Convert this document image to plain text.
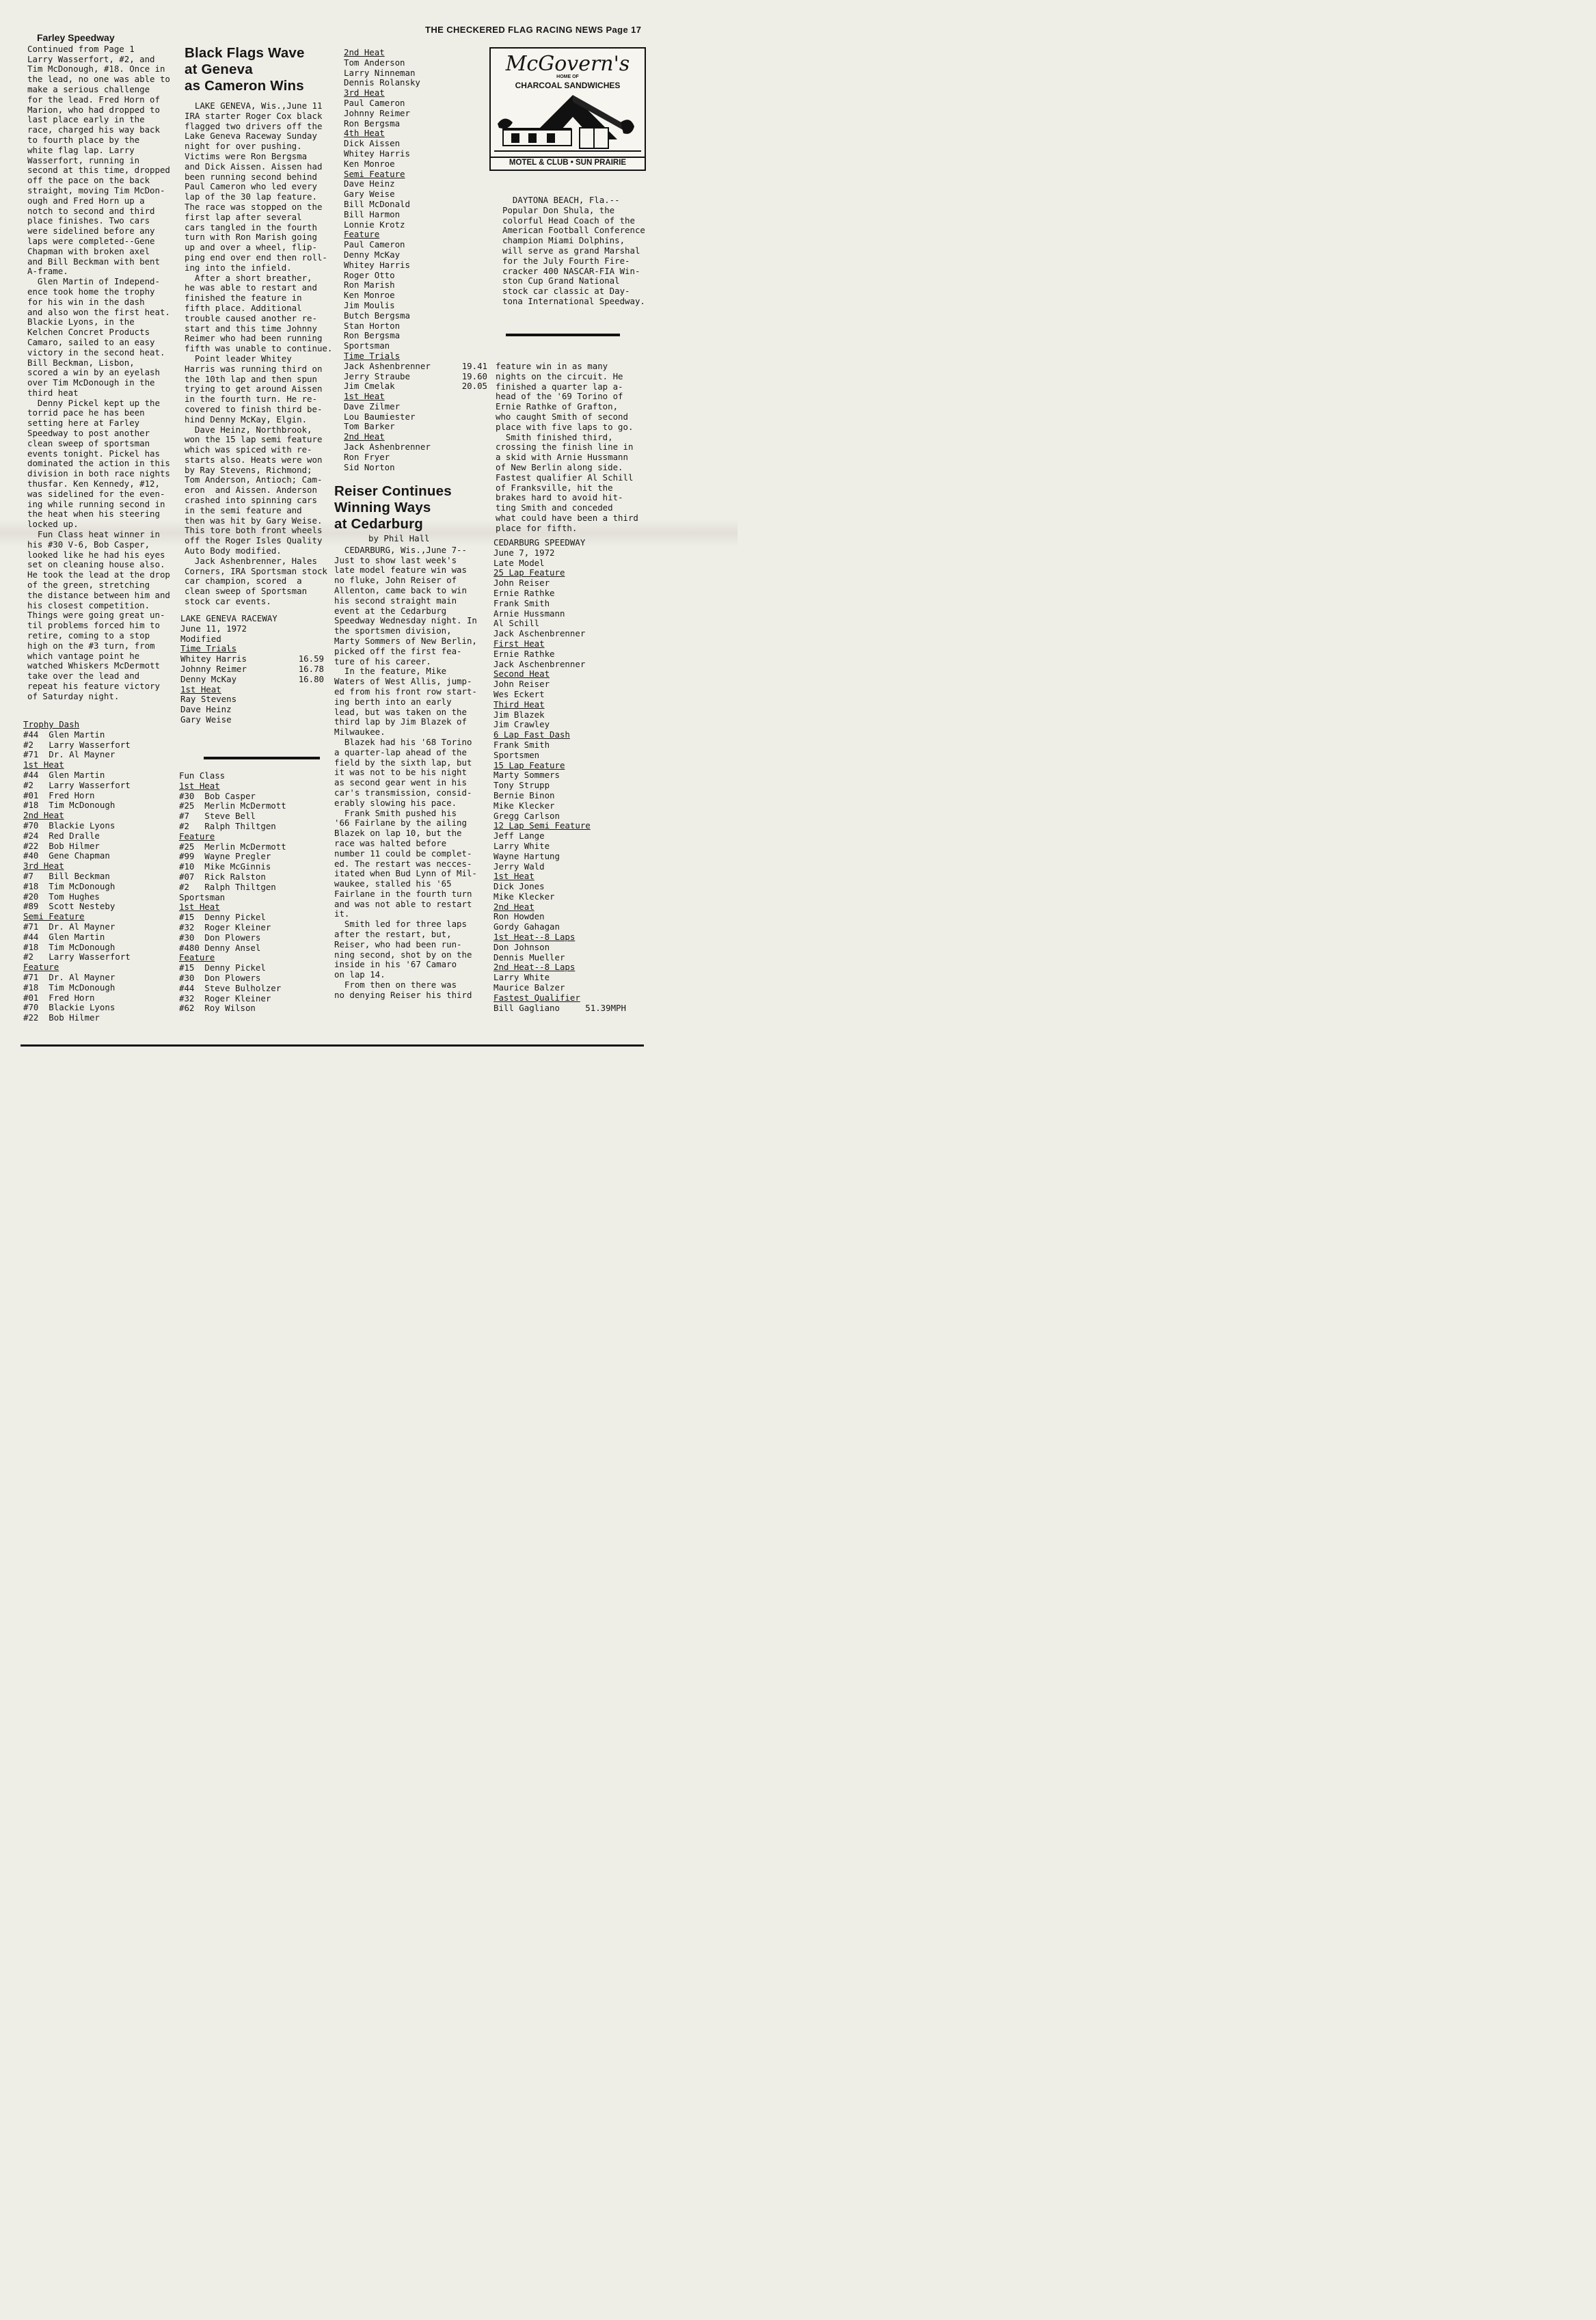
THE CHECKERED FLAG RACING NEWS Page 17
Farley Speedway

Continued from Page 1

Larry Wasserfort, #2, and

Tim McDonough, #18. Once in

the lead, no one was able to

make a serious challenge

for the lead. Fred Horn of

Marion, who had dropped to

last place early in the

race, charged his way back

to fourth place by the

white flag lap. Larry

Wasserfort, running in

second at this time, dropped

off the pace on the back

straight, moving Tim McDon-

ough and Fred Horn up a

notch to second and third

place finishes. Two cars

were sidelined before any

laps were completed--Gene

Chapman with broken axel

and Bill Beckman with bent

A-frame.

Glen Martin of Independ-

ence took home the trophy

for his win in the dash

and also won the first heat.

Blackie Lyons, in the

Kelchen Concret Products

Camaro, sailed to an easy

victory in the second heat.

Bill Beckman, Lisbon,

scored a win by an eyelash

over Tim McDonough in the

third heat

Denny Pickel kept up the

torrid pace he has been

setting here at Farley

Speedway to post another

clean sweep of sportsman

events tonight. Pickel has

dominated the action in this

division in both race nights

thusfar. Ken Kennedy, #12,

was sidelined for the even-

ing while running second in

the heat when his steering

locked up.

Fun Class heat winner in

his #30 V-6, Bob Casper,

looked like he had his eyes

set on cleaning house also.

He took the lead at the drop

of the green, stretching

the distance between him and

his closest competition.

Things were going great un-

til problems forced him to

retire, coming to a stop

high on the #3 turn, from

which vantage point he

watched Whiskers McDermott

take over the lead and

repeat his feature victory

of Saturday night.

Trophy Dash
#44  Glen Martin
#2   Larry Wasserfort
#71  Dr. Al Mayner
1st Heat
#44  Glen Martin
#2   Larry Wasserfort
#01  Fred Horn
#18  Tim McDonough
2nd Heat
#70  Blackie Lyons
#24  Red Dralle
#22  Bob Hilmer
#40  Gene Chapman
3rd Heat
#7   Bill Beckman
#18  Tim McDonough
#20  Tom Hughes
#89  Scott Nesteby
Semi Feature
#71  Dr. Al Mayner
#44  Glen Martin
#18  Tim McDonough
#2   Larry Wasserfort
Feature
#71  Dr. Al Mayner
#18  Tim McDonough
#01  Fred Horn
#70  Blackie Lyons
#22  Bob Hilmer

Black Flags Wave

at Geneva

as Cameron Wins

LAKE GENEVA, Wis.,June 11

IRA starter Roger Cox black

flagged two drivers off the

Lake Geneva Raceway Sunday

night for over pushing.

Victims were Ron Bergsma

and Dick Aissen. Aissen had

been running second behind

Paul Cameron who led every

lap of the 30 lap feature.

The race was stopped on the

first lap after several

cars tangled in the fourth

turn with Ron Marish going

up and over a wheel, flip-

ping end over end then roll-

ing into the infield.

After a short breather,

he was able to restart and

finished the feature in

fifth place. Additional

trouble caused another re-

start and this time Johnny

Reimer who had been running

fifth was unable to continue.

Point leader Whitey

Harris was running third on

the 10th lap and then spun

trying to get around Aissen

in the fourth turn. He re-

covered to finish third be-

hind Denny McKay, Elgin.

Dave Heinz, Northbrook,

won the 15 lap semi feature

which was spiced with re-

starts also. Heats were won

by Ray Stevens, Richmond;

Tom Anderson, Antioch; Cam-

eron  and Aissen. Anderson

crashed into spinning cars

in the semi feature and

then was hit by Gary Weise.

This tore both front wheels

off the Roger Isles Quality

Auto Body modified.

Jack Ashenbrenner, Hales

Corners, IRA Sportsman stock

car champion, scored  a

clean sweep of Sportsman

stock car events.

LAKE GENEVA RACEWAY
June 11, 1972
Modified
Time Trials
Whitey Harris	16.59
Johnny Reimer	16.78
Denny McKay	16.80
1st Heat
Ray Stevens
Dave Heinz
Gary Weise
Fun Class
1st Heat
#30  Bob Casper
#25  Merlin McDermott
#7   Steve Bell
#2   Ralph Thiltgen
Feature
#25  Merlin McDermott
#99  Wayne Pregler
#10  Mike McGinnis
#07  Rick Ralston
#2   Ralph Thiltgen
Sportsman
1st Heat
#15  Denny Pickel
#32  Roger Kleiner
#30  Don Plowers
#480 Denny Ansel
Feature
#15  Denny Pickel
#30  Don Plowers
#44  Steve Bulholzer
#32  Roger Kleiner
#62  Roy Wilson
2nd Heat
Tom Anderson
Larry Ninneman
Dennis Rolansky
3rd Heat
Paul Cameron
Johnny Reimer
Ron Bergsma
4th Heat
Dick Aissen
Whitey Harris
Ken Monroe
Semi Feature
Dave Heinz
Gary Weise
Bill McDonald
Bill Harmon
Lonnie Krotz
Feature
Paul Cameron
Denny McKay
Whitey Harris
Roger Otto
Ron Marish
Ken Monroe
Jim Moulis
Butch Bergsma
Stan Horton
Ron Bergsma
Sportsman
Time Trials
Jack Ashenbrenner	19.41
Jerry Straube	19.60
Jim Cmelak	20.05
1st Heat
Dave Zilmer
Lou Baumiester
Tom Barker
2nd Heat
Jack Ashenbrenner
Ron Fryer
Sid Norton

Reiser Continues

Winning Ways

at Cedarburg

by Phil Hall

CEDARBURG, Wis.,June 7--

Just to show last week's

late model feature win was

no fluke, John Reiser of

Allenton, came back to win

his second straight main

event at the Cedarburg

Speedway Wednesday night. In

the sportsmen division,

Marty Sommers of New Berlin,

picked off the first fea-

ture of his career.

In the feature, Mike

Waters of West Allis, jump-

ed from his front row start-

ing berth into an early

lead, but was taken on the

third lap by Jim Blazek of

Milwaukee.

Blazek had his '68 Torino

a quarter-lap ahead of the

field by the sixth lap, but

it was not to be his night

as second gear went in his

car's transmission, consid-

erably slowing his pace.

Frank Smith pushed his

'66 Fairlane by the ailing

Blazek on lap 10, but the

race was halted before

number 11 could be complet-

ed. The restart was necces-

itated when Bud Lynn of Mil-

waukee, stalled his '65

Fairlane in the fourth turn

and was not able to restart

it.

Smith led for three laps

after the restart, but,

Reiser, who had been run-

ning second, shot by on the

inside in his '67 Camaro

on lap 14.

From then on there was

no denying Reiser his third

McGovern's
HOME OF
CHARCOAL SANDWICHES
MOTEL & CLUB • SUN PRAIRIE

DAYTONA BEACH, Fla.--

Popular Don Shula, the

colorful Head Coach of the

American Football Conference

champion Miami Dolphins,

will serve as grand Marshal

for the July Fourth Fire-

cracker 400 NASCAR-FIA Win-

ston Cup Grand National

stock car classic at Day-

tona International Speedway.

feature win in as many

nights on the circuit. He

finished a quarter lap a-

head of the '69 Torino of

Ernie Rathke of Grafton,

who caught Smith of second

place with five laps to go.

Smith finished third,

crossing the finish line in

a skid with Arnie Hussmann

of New Berlin along side.

Fastest qualifier Al Schill

of Franksville, hit the

brakes hard to avoid hit-

ting Smith and conceded

what could have been a third

place for fifth.

CEDARBURG SPEEDWAY
June 7, 1972
Late Model
25 Lap Feature
John Reiser
Ernie Rathke
Frank Smith
Arnie Hussmann
Al Schill
Jack Aschenbrenner
First Heat
Ernie Rathke
Jack Aschenbrenner
Second Heat
John Reiser
Wes Eckert
Third Heat
Jim Blazek
Jim Crawley
6 Lap Fast Dash
Frank Smith
Sportsmen
15 Lap Feature
Marty Sommers
Tony Strupp
Bernie Binon
Mike Klecker
Gregg Carlson
12 Lap Semi Feature
Jeff Lange
Larry White
Wayne Hartung
Jerry Wald
1st Heat
Dick Jones
Mike Klecker
2nd Heat
Ron Howden
Gordy Gahagan
1st Heat--8 Laps
Don Johnson
Dennis Mueller
2nd Heat--8 Laps
Larry White
Maurice Balzer
Fastest Qualifier
Bill Gagliano     51.39MPH
